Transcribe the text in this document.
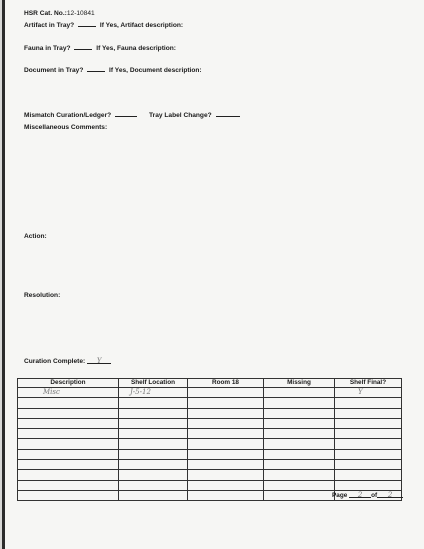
HSR Cat. No.:12-10841
Artifact in Tray?	If Yes, Artifact description:
Fauna in Tray?	If Yes, Fauna description:
Document in Tray?	If Yes, Document description:
Mismatch Curation/Ledger?	Tray Label Change?
Miscellaneous Comments:
Action:
Resolution:
Curation Complete: Y
Description	Shelf Location	Room 18	Missing	Shelf Final?
Misc	J-5-12			Y

Page 2 of 2
